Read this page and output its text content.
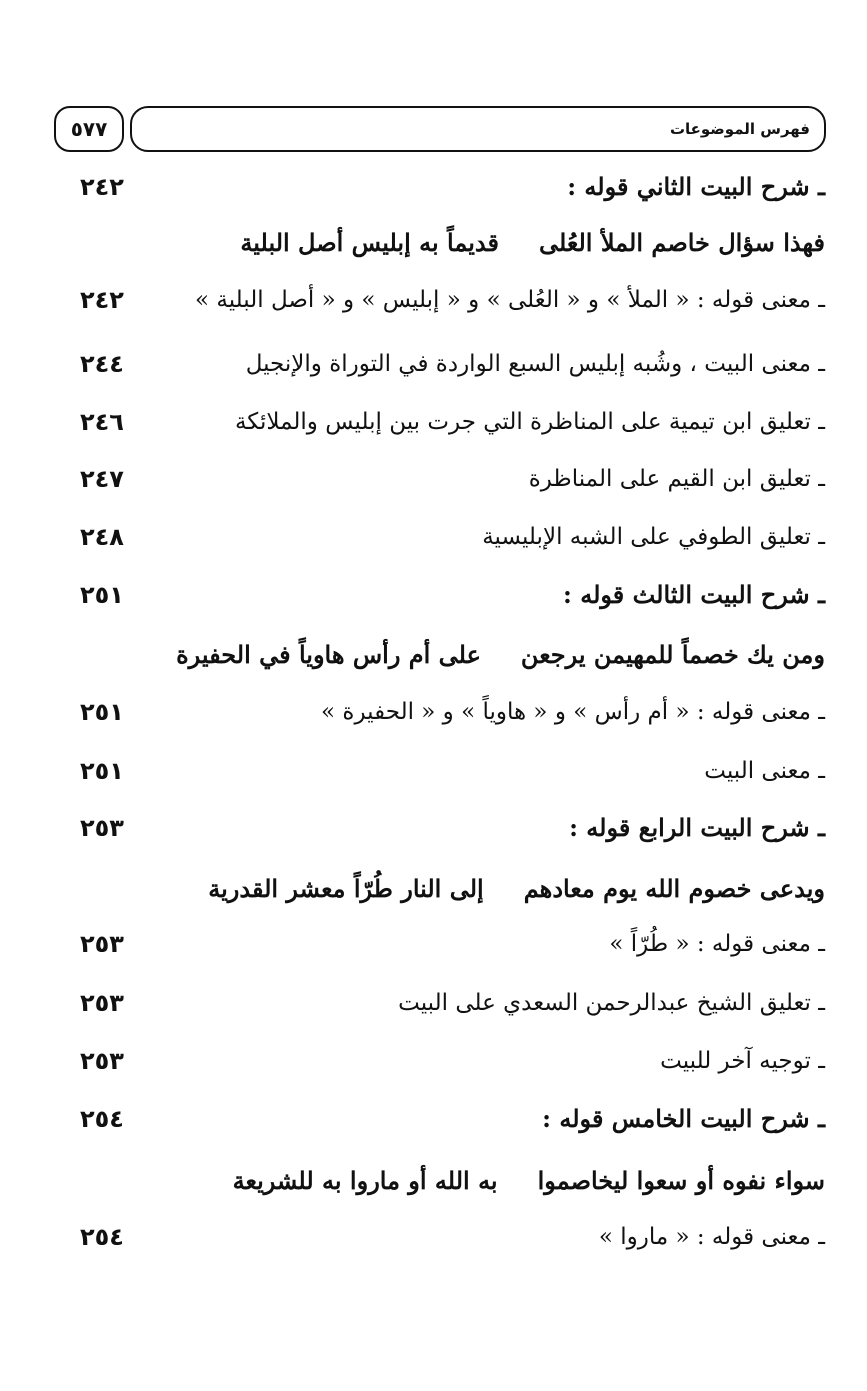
٥٧٧	فهرس الموضوعات
ـ شرح البيت الثاني قوله :
٢٤٢
فهذا سؤال خاصم الملأ العُلى
قديماً به إبليس أصل البلية
ـ معنى قوله : « الملأ » و « العُلى » و « إبليس » و « أصل البلية »
٢٤٢
ـ معنى البيت ، وشُبه إبليس السبع الواردة في التوراة والإنجيل
٢٤٤
ـ تعليق ابن تيمية على المناظرة التي جرت بين إبليس والملائكة
٢٤٦
ـ تعليق ابن القيم على المناظرة
٢٤٧
ـ تعليق الطوفي على الشبه الإبليسية
٢٤٨
ـ شرح البيت الثالث قوله :
٢٥١
ومن يك خصماً للمهيمن يرجعن
على أم رأس هاوياً في الحفيرة
ـ معنى قوله : « أم رأس » و « هاوياً » و « الحفيرة »
٢٥١
ـ معنى البيت
٢٥١
ـ شرح البيت الرابع قوله :
٢٥٣
ويدعى خصوم الله يوم معادهم
إلى النار طُرّاً معشر القدرية
ـ معنى قوله : « طُرّاً »
٢٥٣
ـ تعليق الشيخ عبدالرحمن السعدي على البيت
٢٥٣
ـ توجيه آخر للبيت
٢٥٣
ـ شرح البيت الخامس قوله :
٢٥٤
سواء نفوه أو سعوا ليخاصموا
به الله أو ماروا به للشريعة
ـ معنى قوله : « ماروا »
٢٥٤
